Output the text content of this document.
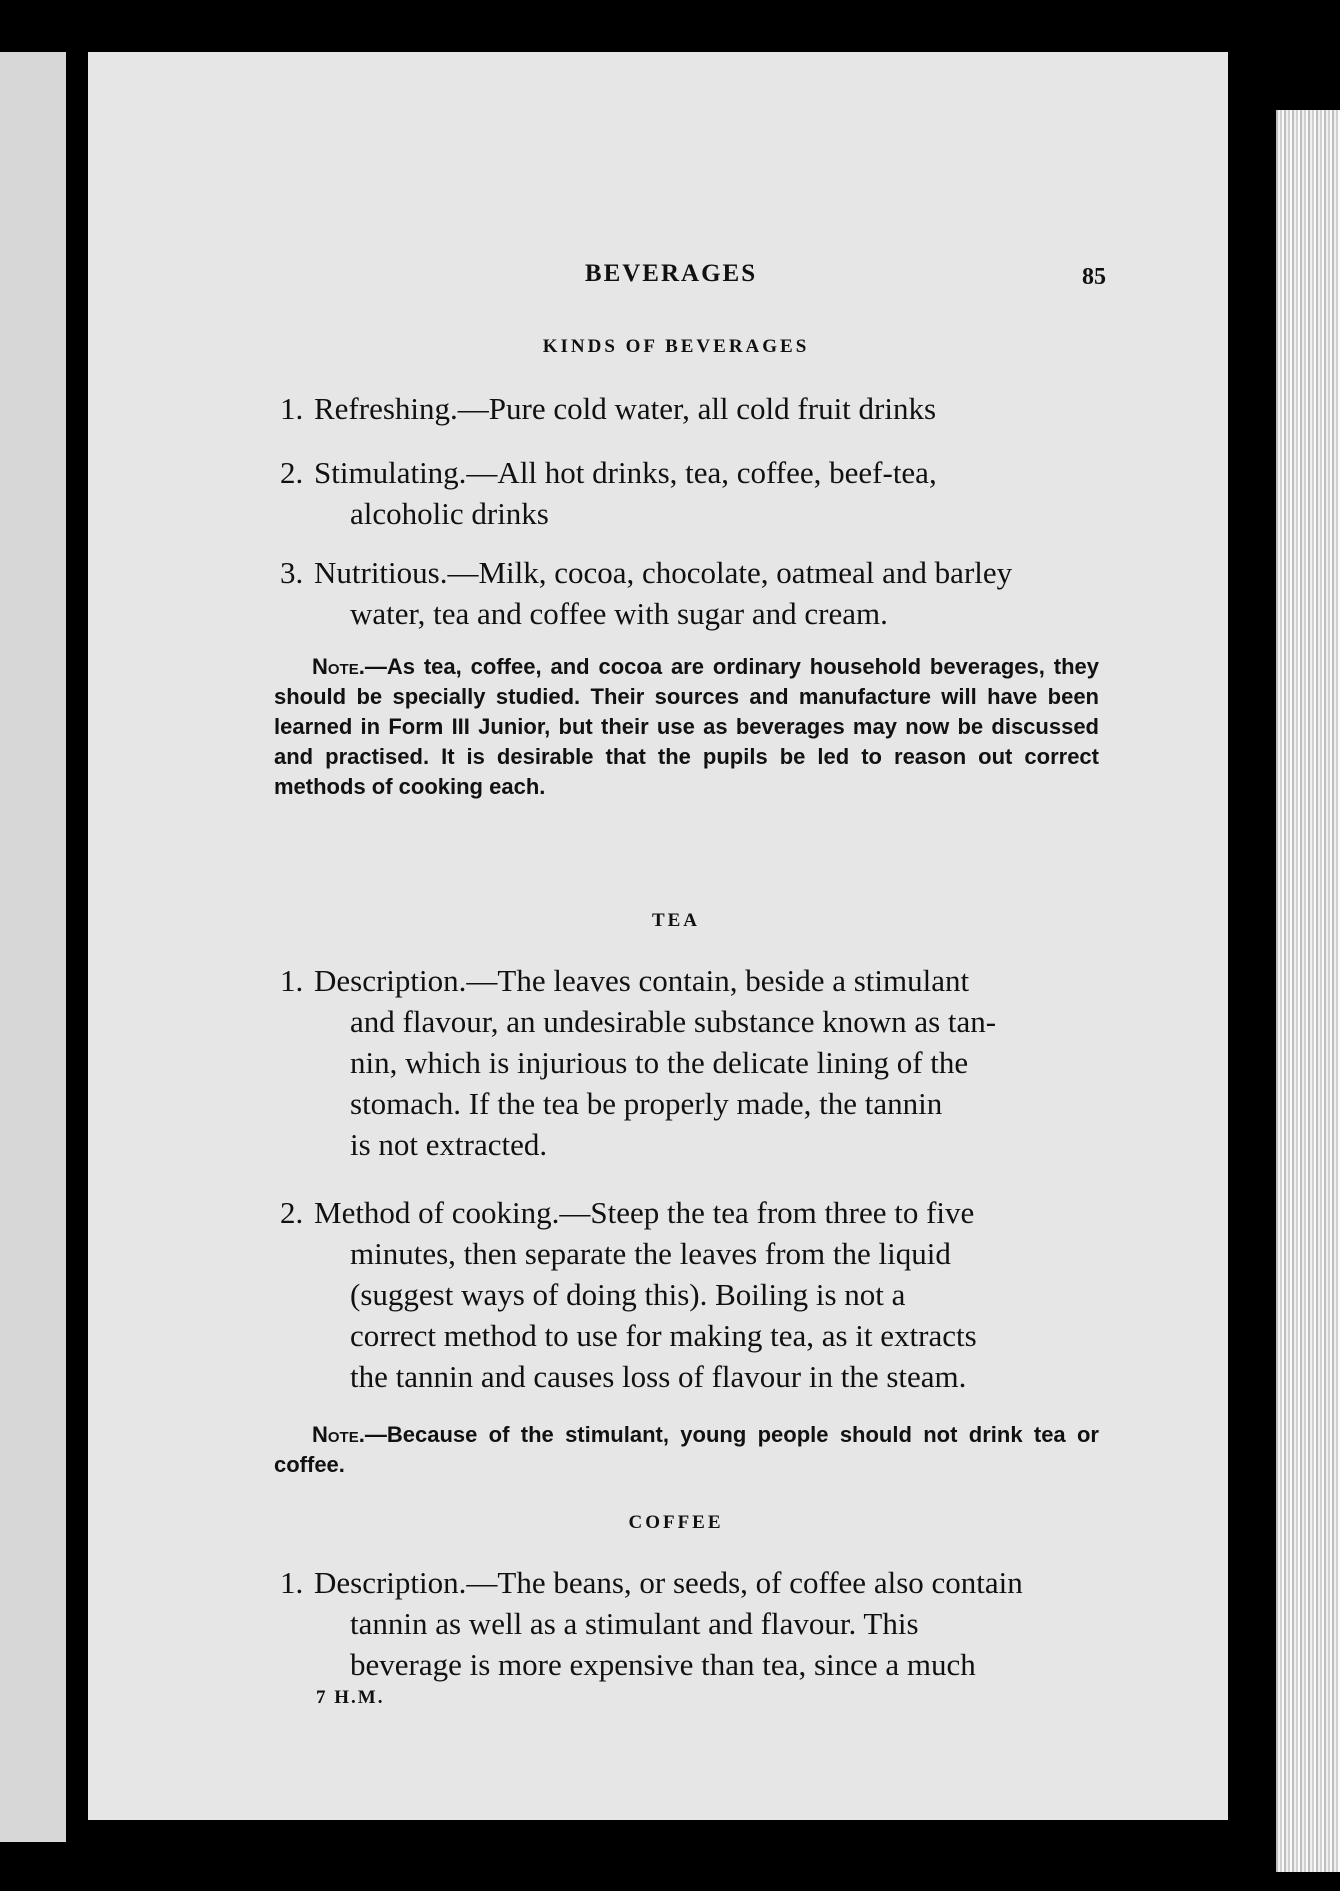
BEVERAGES	85
KINDS OF BEVERAGES
1. Refreshing.—Pure cold water, all cold fruit drinks
2. Stimulating.—All hot drinks, tea, coffee, beef-tea,
alcoholic drinks
3. Nutritious.—Milk, cocoa, chocolate, oatmeal and barley
water, tea and coffee with sugar and cream.
Note.—As tea, coffee, and cocoa are ordinary household beverages, they should be specially studied. Their sources and manufacture will have been learned in Form III Junior, but their use as beverages may now be discussed and practised. It is desirable that the pupils be led to reason out correct methods of cooking each.
TEA
1. Description.—The leaves contain, beside a stimulant
and flavour, an undesirable substance known as tan-
nin, which is injurious to the delicate lining of the
stomach. If the tea be properly made, the tannin
is not extracted.
2. Method of cooking.—Steep the tea from three to five
minutes, then separate the leaves from the liquid
(suggest ways of doing this). Boiling is not a
correct method to use for making tea, as it extracts
the tannin and causes loss of flavour in the steam.
Note.—Because of the stimulant, young people should not drink tea or coffee.
COFFEE
1. Description.—The beans, or seeds, of coffee also contain
tannin as well as a stimulant and flavour. This
beverage is more expensive than tea, since a much
7 H.M.
